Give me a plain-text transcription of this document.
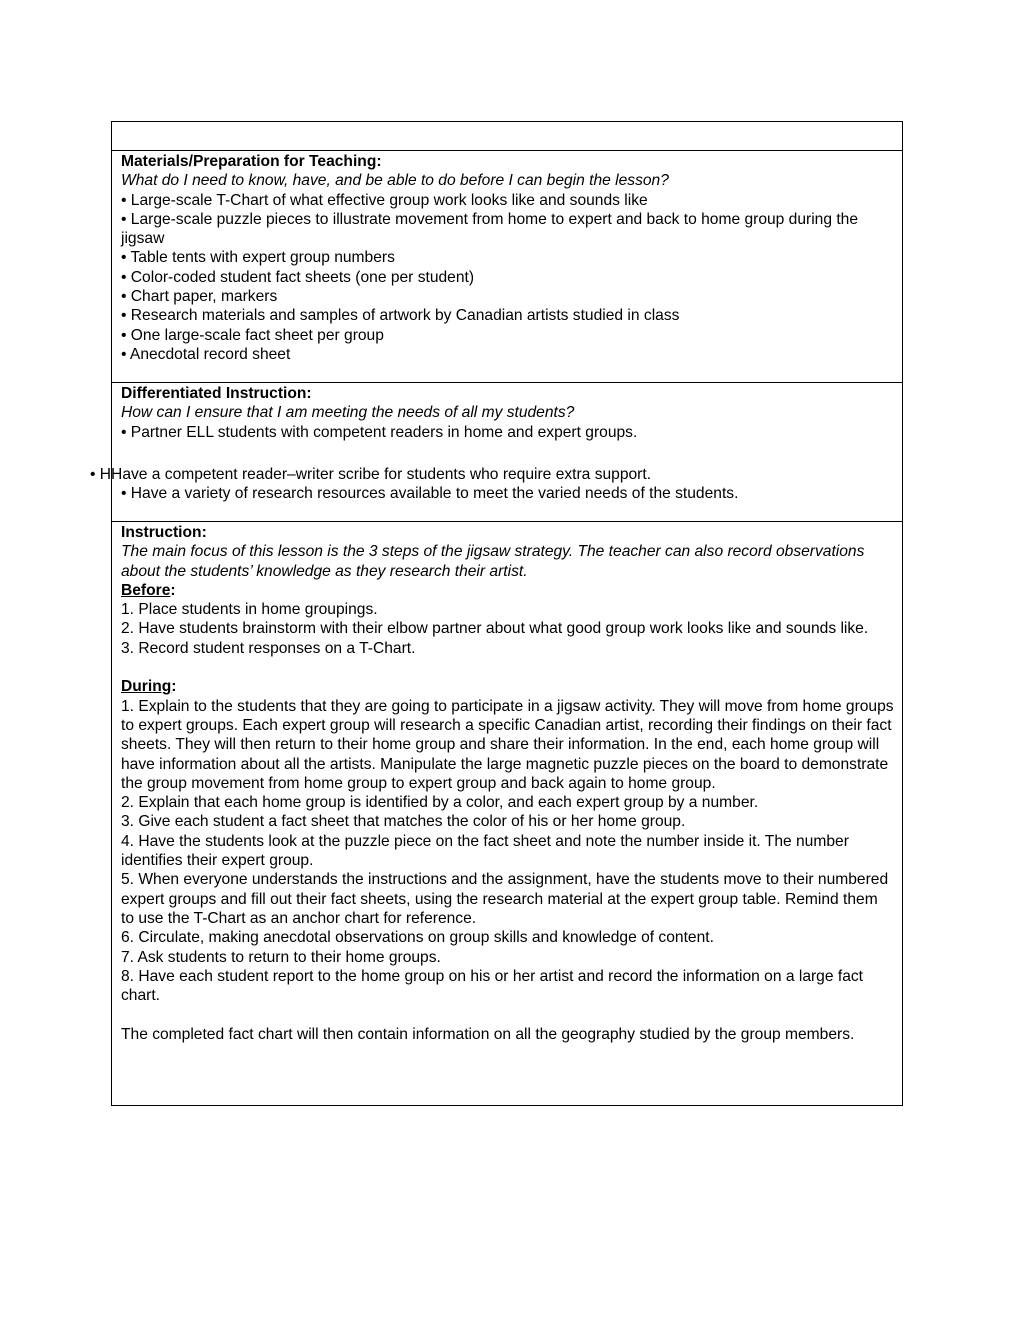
Materials/Preparation for Teaching:
What do I need to know, have, and be able to do before I can begin the lesson?
• Large-scale T-Chart of what effective group work looks like and sounds like
• Large-scale puzzle pieces to illustrate movement from home to expert and back to home group during the jigsaw
• Table tents with expert group numbers
• Color-coded student fact sheets (one per student)
• Chart paper, markers
• Research materials and samples of artwork by Canadian artists studied in class
• One large-scale fact sheet per group
• Anecdotal record sheet
Differentiated Instruction:
How can I ensure that I am meeting the needs of all my students?
• Partner ELL students with competent readers in home and expert groups.
• HHave a competent reader–writer scribe for students who require extra support.
• Have a variety of research resources available to meet the varied needs of the students.
Instruction:
The main focus of this lesson is the 3 steps of the jigsaw strategy. The teacher can also record observations about the students’ knowledge as they research their artist.
Before:
1. Place students in home groupings.
2. Have students brainstorm with their elbow partner about what good group work looks like and sounds like.
3. Record student responses on a T-Chart.
During:
1. Explain to the students that they are going to participate in a jigsaw activity. They will move from home groups to expert groups. Each expert group will research a specific Canadian artist, recording their findings on their fact sheets. They will then return to their home group and share their information. In the end, each home group will have information about all the artists. Manipulate the large magnetic puzzle pieces on the board to demonstrate the group movement from home group to expert group and back again to home group.
2. Explain that each home group is identified by a color, and each expert group by a number.
3. Give each student a fact sheet that matches the color of his or her home group.
4. Have the students look at the puzzle piece on the fact sheet and note the number inside it. The number identifies their expert group.
5. When everyone understands the instructions and the assignment, have the students move to their numbered expert groups and fill out their fact sheets, using the research material at the expert group table. Remind them to use the T-Chart as an anchor chart for reference.
6. Circulate, making anecdotal observations on group skills and knowledge of content.
7. Ask students to return to their home groups.
8. Have each student report to the home group on his or her artist and record the information on a large fact chart.
The completed fact chart will then contain information on all the geography studied by the group members.
